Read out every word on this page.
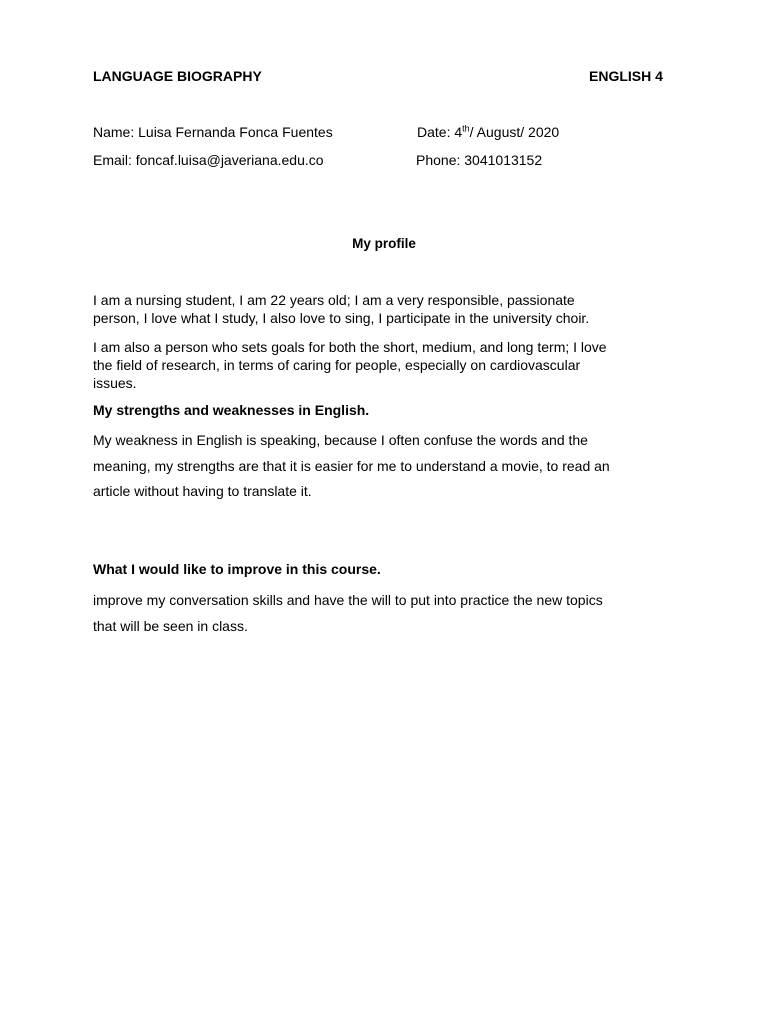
LANGUAGE BIOGRAPHY	ENGLISH 4
Name: Luisa Fernanda Fonca Fuentes	Date: 4th/ August/ 2020
Email: foncaf.luisa@javeriana.edu.co	Phone: 3041013152
My profile

I am a nursing student, I am 22 years old; I am a very responsible, passionate
person, I love what I study, I also love to sing, I participate in the university choir.

I am also a person who sets goals for both the short, medium, and long term; I love
the field of research, in terms of caring for people, especially on cardiovascular
issues.

My strengths and weaknesses in English.

My weakness in English is speaking, because I often confuse the words and the
meaning, my strengths are that it is easier for me to understand a movie, to read an
article without having to translate it.

What I would like to improve in this course.

improve my conversation skills and have the will to put into practice the new topics
that will be seen in class.
